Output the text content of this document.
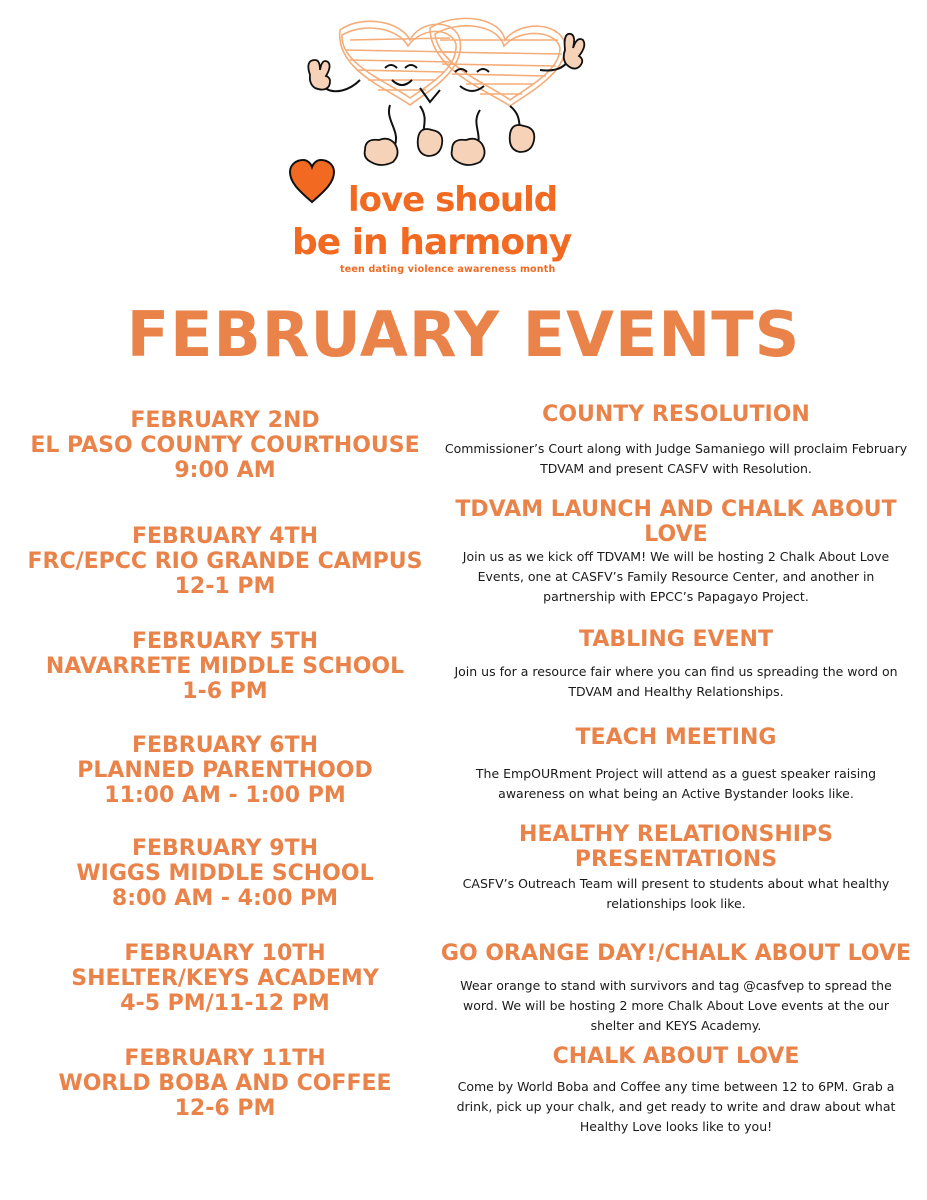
love should
be in harmony
teen dating violence awareness month
FEBRUARY EVENTS
FEBRUARY 2ND
EL PASO COUNTY COURTHOUSE
9:00 AM
COUNTY RESOLUTION

Commissioner’s Court along with Judge Samaniego will proclaim February TDVAM and present CASFV with Resolution.

FEBRUARY 4TH
FRC/EPCC RIO GRANDE CAMPUS
12-1 PM
TDVAM LAUNCH AND CHALK ABOUT LOVE

Join us as we kick off TDVAM! We will be hosting 2 Chalk About Love Events, one at CASFV’s Family Resource Center, and another in partnership with EPCC’s Papagayo Project.

FEBRUARY 5TH
NAVARRETE MIDDLE SCHOOL
1-6 PM
TABLING EVENT

Join us for a resource fair where you can find us spreading the word on TDVAM and Healthy Relationships.

FEBRUARY 6TH
PLANNED PARENTHOOD
11:00 AM - 1:00 PM
TEACH MEETING

The EmpOURment Project will attend as a guest speaker raising awareness on what being an Active Bystander looks like.

FEBRUARY 9TH
WIGGS MIDDLE SCHOOL
8:00 AM - 4:00 PM
HEALTHY RELATIONSHIPS PRESENTATIONS

CASFV’s Outreach Team will present to students about what healthy relationships look like.

FEBRUARY 10TH
SHELTER/KEYS ACADEMY
4-5 PM/11-12 PM
GO ORANGE DAY!/CHALK ABOUT LOVE

Wear orange to stand with survivors and tag @casfvep to spread the word. We will be hosting 2 more Chalk About Love events at the our shelter and KEYS Academy.

FEBRUARY 11TH
WORLD BOBA AND COFFEE
12-6 PM
CHALK ABOUT LOVE

Come by World Boba and Coffee any time between 12 to 6PM. Grab a drink, pick up your chalk, and get ready to write and draw about what Healthy Love looks like to you!
